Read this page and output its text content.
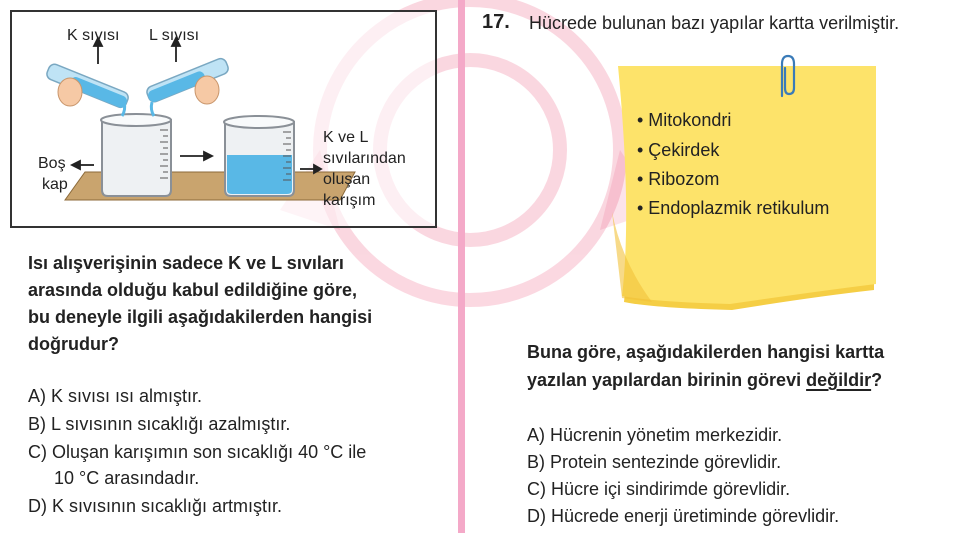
K sıvısı L sıvısı
Boş
kap
K ve L
sıvılarından
oluşan
karışım
Isı alışverişinin sadece K ve L sıvıları
arasında olduğu kabul edildiğine göre,
bu deneyle ilgili aşağıdakilerden hangisi
doğrudur?
A) K sıvısı ısı almıştır.
B) L sıvısının sıcaklığı azalmıştır.
C) Oluşan karışımın son sıcaklığı 40 °C ile
10 °C arasındadır.
D) K sıvısının sıcaklığı artmıştır.
17. Hücrede bulunan bazı yapılar kartta verilmiştir.
• Mitokondri
• Çekirdek
• Ribozom
• Endoplazmik retikulum
Buna göre, aşağıdakilerden hangisi kartta
yazılan yapılardan birinin görevi değildir?
A) Hücrenin yönetim merkezidir.
B) Protein sentezinde görevlidir.
C) Hücre içi sindirimde görevlidir.
D) Hücrede enerji üretiminde görevlidir.
